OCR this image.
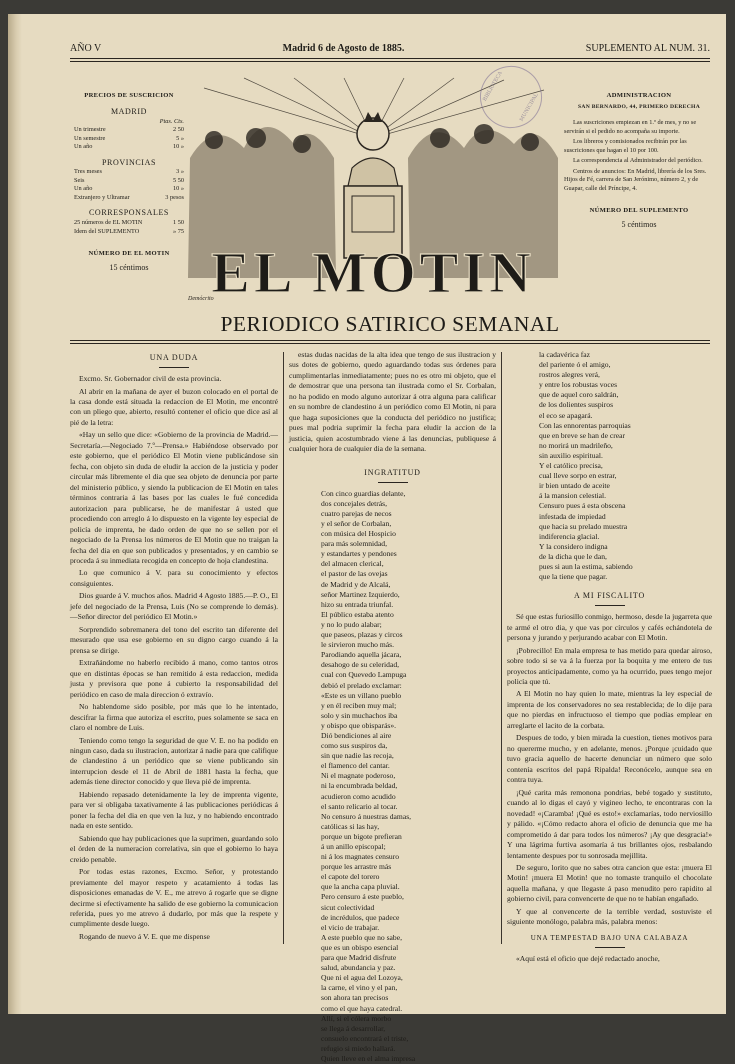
AÑO V	Madrid 6 de Agosto de 1885.	SUPLEMENTO AL NUM. 31.
PRECIOS DE SUSCRICION
MADRID
Ptas. Cts.
Un trimestre	2 50
Un semestre	5 »
Un año	10 »
PROVINCIAS
Tres meses	3 »
Seis	5 50
Un año	10 »
Extranjero y Ultramar	3 pesos
CORRESPONSALES
25 números de EL MOTIN	1 50
Idem del SUPLEMENTO	» 75
NÚMERO DE EL MOTIN
15 céntimos	EL MOTIN
Demócrito
BIBLIOTECA
MUNICIPAL	ADMINISTRACION
SAN BERNARDO, 44, PRIMERO DERECHA

Las suscriciones empiezan en 1.º de mes, y no se servirán si el pedido no acompaña su importe.

Los libreros y comisionados recibirán por las suscriciones que hagan el 10 por 100.

La correspondencia al Administrador del periódico.

Centros de anuncios: En Madrid, librería de los Sres. Hijos de Fé, carrera de San Jerónimo, número 2, y de Guapar, calle del Príncipe, 4.

NÚMERO DEL SUPLEMENTO
5 céntimos
PERIODICO SATIRICO SEMANAL
UNA DUDA

Excmo. Sr. Gobernador civil de esta provincia.

Al abrir en la mañana de ayer el buzon colocado en el portal de la casa donde está situada la redaccion de El Motin, me encontré con un pliego que, abierto, resultó contener el oficio que dice así al pié de la letra:

«Hay un sello que dice: «Gobierno de la provincia de Madrid.—Secretaría.—Negociado 7.º—Prensa.» Habiéndose observado por este gobierno, que el periódico El Motin viene publicándose sin fecha, con objeto sin duda de eludir la accion de la justicia y poder circular más libremente el dia que sea objeto de denuncia por parte del ministerio público, y siendo la publicacion de El Motin en tales términos contraria á las bases por las cuales le fué concedida autorizacion para publicarse, he de manifestar á usted que procediendo con arreglo á lo dispuesto en la vigente ley especial de policía de imprenta, he dado orden de que no se sellen por el negociado de la Prensa los números de El Motin que no traigan la fecha del dia en que son publicados y presentados, y en cambio se proceda á su inmediata recogida en concepto de hoja clandestina.

Lo que comunico á V. para su conocimiento y efectos consiguientes.

Dios guarde á V. muchos años. Madrid 4 Agosto 1885.—P. O., El jefe del negociado de la Prensa, Luis (No se comprende lo demás).—Señor director del periódico El Motin.»

Sorprendido sobremanera del tono del escrito tan diferente del mesurado que usa ese gobierno en su digno cargo cuando á la prensa se dirige.

Extrañándome no haberlo recibido á mano, como tantos otros que en distintas épocas se han remitido á esta redaccion, medida justa y previsora que pone á cubierto la responsabilidad del periódico en caso de mala direccion ó extravío.

No hablendome sido posible, por más que lo he intentado, descifrar la firma que autoriza el escrito, pues solamente se saca en claro el nombre de Luis.

Teniendo como tengo la seguridad de que V. E. no ha podido en ningun caso, dada su ilustracion, autorizar á nadie para que califique de clandestino á un periódico que se viene publicando sin interrupcion desde el 11 de Abril de 1881 hasta la fecha, que además tiene director conocido y que lleva pié de imprenta.

Habiendo repasado detenidamente la ley de imprenta vigente, para ver si obligaba taxativamente á las publicaciones periódicas á poner la fecha del dia en que ven la luz, y no habiendo encontrado nada en este sentido.

Sabiendo que hay publicaciones que la suprimen, guardando solo el órden de la numeracion correlativa, sin que el gobierno lo haya creido penable.

Por todas estas razones, Excmo. Señor, y protestando previamente del mayor respeto y acatamiento á todas las disposiciones emanadas de V. E., me atrevo á rogarle que se digne decirme si efectivamente ha salido de ese gobierno la comunicacion referida, pues yo me atrevo á dudarlo, por más que la respete y cumplimente desde luego.

Rogando de nuevo á V. E. que me dispense

estas dudas nacidas de la alta idea que tengo de sus ilustracion y sus dotes de gobierno, quedo aguardando todas sus órdenes para cumplimentarlas inmediatamente; pues no es otro mi objeto, que el de demostrar que una persona tan ilustrada como el Sr. Corbalan, no ha podido en modo alguno autorizar á otra alguna para calificar en su nombre de clandestino á un periódico como El Motin, ni para que haga suposiciones que la conducta del periódico no justifica; pues mal podria suprimir la fecha para eludir la accion de la justicia, quien acostumbrado viene á las denuncias, publiquese á cualquier hora de cualquier dia de la semana.

INGRATITUD
Con cinco guardias delante,
dos concejales detrás,
cuatro parejas de necos
y el señor de Corbalan,
con música del Hospicio
para más solemnidad,
y estandartes y pendones
del almacen clerical,
el pastor de las ovejas
de Madrid y de Alcalá,
señor Martinez Izquierdo,
hizo su entrada triunfal.
El público estaba atento
y no lo pudo alabar;
que paseos, plazas y circos
le sirvieron mucho más.
Parodiando aquella jácara,
desahogo de su celeridad,
cual con Quevedo Lampuga
debió el prelado exclamar:
«Este es un villano pueblo
y en él reciben muy mal;
solo y sin muchachos iba
y obispo que obisparás».
Dió bendiciones al aire
como sus suspiros da,
sin que nadie las recoja,
el flamenco del cantar.
Ni el magnate poderoso,
ni la encumbrada beldad,
acudieron como acudido
el santo relicario al tocar.
No censuro á nuestras damas,
católicas si las hay,
porque un bigote prefieran
á un anillo episcopal;
ni á los magnates censuro
porque les arrastre más
el capote del torero
que la ancha capa pluvial.
Pero censuro á este pueblo,
sicut colectividad
de incrédulos, que padece
el vicio de trabajar.
A este pueblo que no sabe,
que es un obispo esencial
para que Madrid disfrute
salud, abundancia y paz.
Que ni el agua del Lozoya,
la carne, el vino y el pan,
son ahora tan precisos
como el que haya catedral.
Allí, si el cólera morbo
se llega á desarrollar,
consuelo encontrará el triste,
refugio si miedo hallará.
Quien lleve en el alma impresa
la cadavérica faz
del pariente ó el amigo,
rostros alegres verá,
y entre los robustas voces
que de aquel coro saldrán,
de los dolientes suspiros
el eco se apagará.
Con las ennorentas parroquias
que en breve se han de crear
no morirá un madrileño,
sin auxilio espiritual.
Y el católico precisa,
cual lleve sorpo en estrar,
ir bien untado de aceite
á la mansion celestial.
Censuro pues á esta obscena
infestada de impiedad
que hacia su prelado muestra
indiferencia glacial.
Y la considero indigna
de la dicha que le dan,
pues si aun la estima, sabiendo
que la tiene que pagar.
A MI FISCALITO

Sé que estas furiosillo conmigo, hermoso, desde la jugarreta que te armé el otro dia, y que vas por círculos y cafés echándotela de persona y jurando y perjurando acabar con El Motin.

¡Pobrecillo! En mala empresa te has metido para quedar airoso, sobre todo si se va á la fuerza por la boquita y me entero de tus proyectos anticipadamente, como ya ha ocurrido, pues tengo mejor policía que tú.

A El Motin no hay quien lo mate, mientras la ley especial de imprenta de los conservadores no sea restablecida; de lo dije para que no pierdas en infructuoso el tiempo que podías emplear en arreglarte el lacito de la corbata.

Despues de todo, y bien mirada la cuestion, tienes motivos para no quererme mucho, y en adelante, menos. ¡Porque ¡cuidado que tuvo gracia aquello de hacerte denunciar un número que solo contenía escritos del papá Ripalda! Reconócelo, aunque sea en contra tuya.

¡Qué carita más remonona pondrias, bebé togado y sustituto, cuando al lo digas el cayó y vigineo lecho, te encontraras con la novedad! «¡Caramba! ¡Qué es esto!» exclamarías, todo nerviosillo y pálido. «¡Cómo redacto ahora el oficio de denuncia que me ha comprometido á dar para todos los números? ¡Ay que desgracia!» Y una lágrima furtiva asomaría á tus brillantes ojos, resbalando lentamente despues por tu sonrosada mejillita.

De seguro, lorito que no sabes otra cancion que esta: ¡muera El Motin! ¡muera El Motin! que no tomaste tranquilo el chocolate aquella mañana, y que llegaste á paso menudito pero rapidito al gobierno civil, para convencerte de que no te habían engañado.

Y que al convencerte de la terrible verdad, sostuviste el siguiente monólogo, palabra más, palabra menos:

UNA TEMPESTAD BAJO UNA CALABAZA

«Aquí está el oficio que dejé redactado anoche,
